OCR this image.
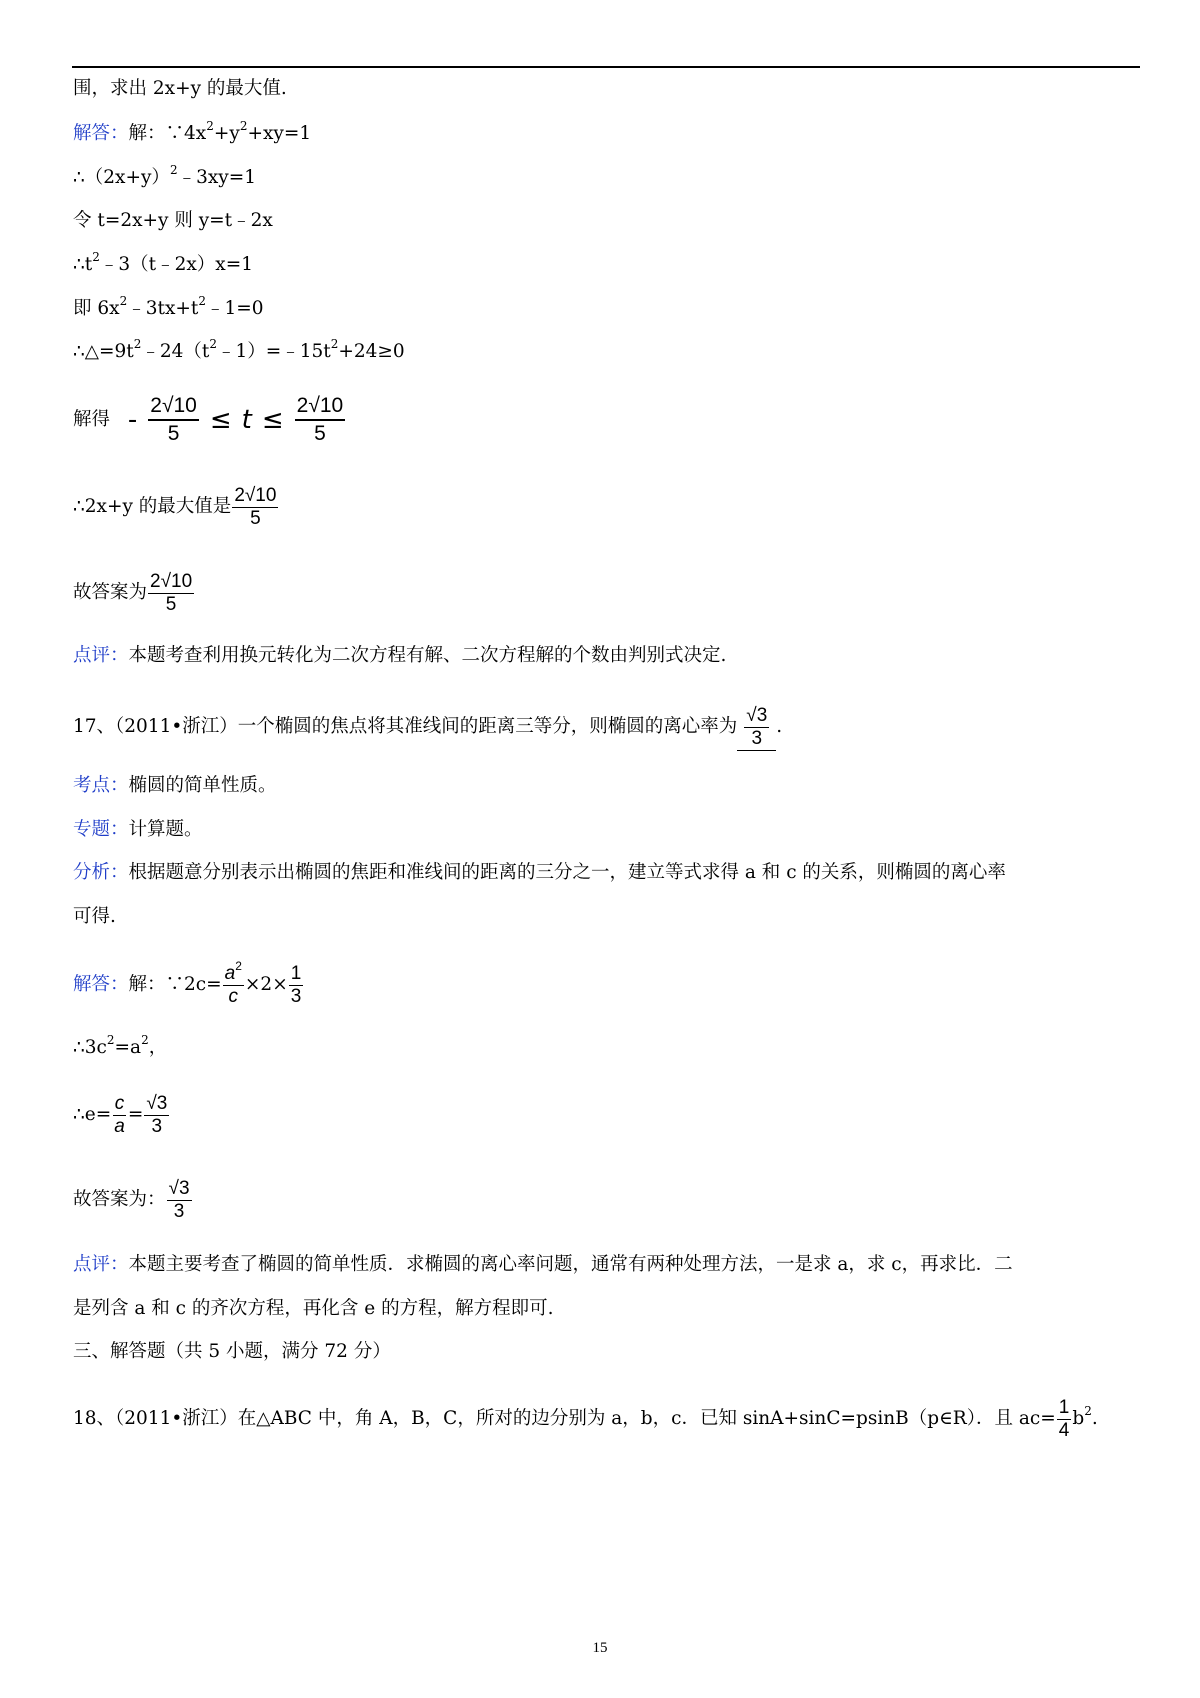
围，求出 2x+y 的最大值.
解答：解：$\because 4x^2+y^2+xy=1$
$\therefore(2x+y)^2﹣3xy=1$
令 t=2x+y 则 y=t﹣2x
$\therefore t^2﹣3(t﹣2x)x=1$
即 $6x^2﹣3tx+t^2﹣1=0$
$\therefore\triangle=9t^2﹣24(t^2﹣1)=﹣15t^2+24\ge 0$
解得 - $\frac{2√10}{5} \le t \le \frac{2√10}{5}$
∴2x+y 的最大值是 $\frac{2√10}{5}$
故答案为 $\frac{2√10}{5}$
点评：本题考查利用换元转化为二次方程有解、二次方程解的个数由判别式决定.
17、（2011•浙江）一个椭圆的焦点将其准线间的距离三等分，则椭圆的离心率为 $\frac{√3}{3}$ .
考点：椭圆的简单性质。
专题：计算题。
分析：根据题意分别表示出椭圆的焦距和准线间的距离的三分之一，建立等式求得 a 和 c 的关系，则椭圆的离心率
可得.
解答：解：∵2c= $\frac{a^2}{c} \times 2\times \frac{1}{3}$
$\therefore 3c^2=a^2$，
∴e= $\frac{c}{a} = \frac{√3}{3}$
故答案为： $\frac{√3}{3}$
点评：本题主要考查了椭圆的简单性质．求椭圆的离心率问题，通常有两种处理方法，一是求 a，求 c，再求比．二
是列含 a 和 c 的齐次方程，再化含 e 的方程，解方程即可.
三、解答题（共 5 小题，满分 72 分）
18、（2011•浙江）在△ABC 中，角 A，B，C，所对的边分别为 a，b，c．已知 sinA+sinC=psinB（p∈R）．且 $ac= \frac{1}{4} b^2$.
15
